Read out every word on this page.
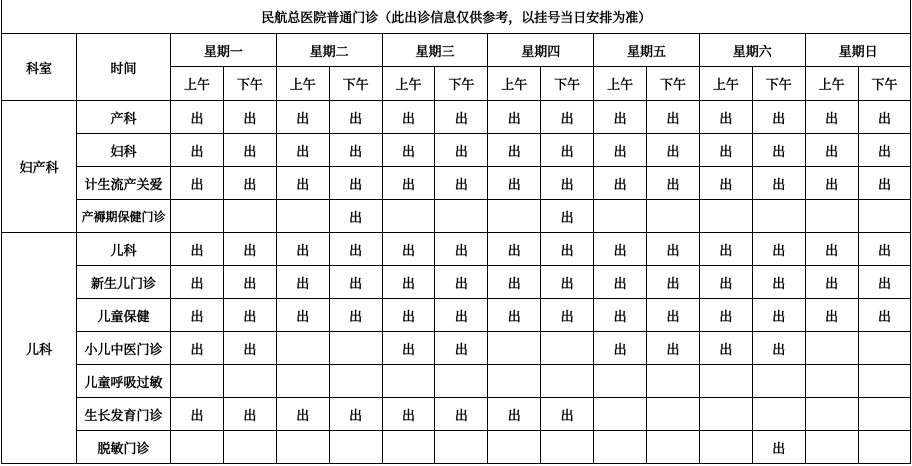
民航总医院普通门诊（此出诊信息仅供参考，以挂号当日安排为准）															
科室	时间	星期一		星期二		星期三		星期四		星期五		星期六		星期日	
		上午	下午	上午	下午	上午	下午	上午	下午	上午	下午	上午	下午	上午	下午
妇产科	产科	出	出	出	出	出	出	出	出	出	出	出	出	出	出
	妇科	出	出	出	出	出	出	出	出	出	出	出	出	出	出
	计生流产关爱	出	出	出	出	出	出	出	出	出	出	出	出	出	出
	产褥期保健门诊				出				出						
儿科	儿科	出	出	出	出	出	出	出	出	出	出	出	出	出	出
	新生儿门诊	出	出	出	出	出	出	出	出	出	出	出	出	出	出
	儿童保健	出	出	出	出	出	出	出	出	出	出	出	出	出	出
	小儿中医门诊	出	出			出	出			出	出	出	出		
	儿童呼吸过敏														
	生长发育门诊	出	出	出	出	出	出	出	出						
	脱敏门诊												出		
